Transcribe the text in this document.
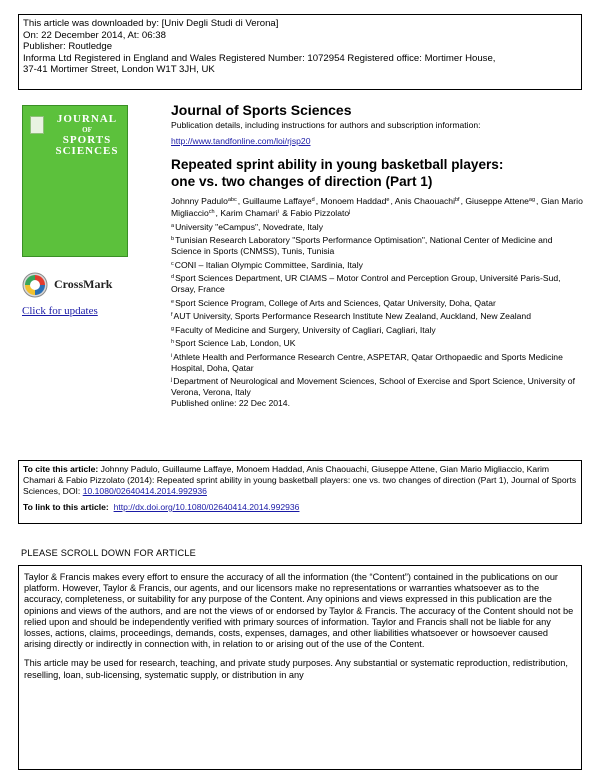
This article was downloaded by: [Univ Degli Studi di Verona]
On: 22 December 2014, At: 06:38
Publisher: Routledge
Informa Ltd Registered in England and Wales Registered Number: 1072954 Registered office: Mortimer House,
37-41 Mortimer Street, London W1T 3JH, UK
JOURNAL
OF
SPORTS
SCIENCES
CrossMark
Click for updates
Journal of Sports Sciences
Publication details, including instructions for authors and subscription information:
http://www.tandfonline.com/loi/rjsp20
Repeated sprint ability in young basketball players:
one vs. two changes of direction (Part 1)
Johnny Padulo$^{abc}$, Guillaume Laffaye$^d$, Monoem Haddad$^e$, Anis Chaouachi$^{bf}$, Giuseppe Attene$^{ag}$, Gian Mario Migliaccio$^{ch}$, Karim Chamari$^i$ & Fabio Pizzolato$^j$
$^a$University "eCampus", Novedrate, Italy
$^b$Tunisian Research Laboratory "Sports Performance Optimisation", National Center of Medicine and Science in Sports (CNMSS), Tunis, Tunisia
$^c$CONI – Italian Olympic Committee, Sardinia, Italy
$^d$Sport Sciences Department, UR CIAMS – Motor Control and Perception Group, Université Paris-Sud, Orsay, France
$^e$Sport Science Program, College of Arts and Sciences, Qatar University, Doha, Qatar
$^f$AUT University, Sports Performance Research Institute New Zealand, Auckland, New Zealand
$^g$Faculty of Medicine and Surgery, University of Cagliari, Cagliari, Italy
$^h$Sport Science Lab, London, UK
$^i$Athlete Health and Performance Research Centre, ASPETAR, Qatar Orthopaedic and Sports Medicine Hospital, Doha, Qatar
$^j$Department of Neurological and Movement Sciences, School of Exercise and Sport Science, University of Verona, Verona, Italy
Published online: 22 Dec 2014.
To cite this article: Johnny Padulo, Guillaume Laffaye, Monoem Haddad, Anis Chaouachi, Giuseppe Attene, Gian Mario Migliaccio, Karim Chamari & Fabio Pizzolato (2014): Repeated sprint ability in young basketball players: one vs. two changes of direction (Part 1), Journal of Sports Sciences, DOI: 10.1080/02640414.2014.992936
To link to this article: http://dx.doi.org/10.1080/02640414.2014.992936
PLEASE SCROLL DOWN FOR ARTICLE

Taylor & Francis makes every effort to ensure the accuracy of all the information (the “Content”) contained in the publications on our platform. However, Taylor & Francis, our agents, and our licensors make no representations or warranties whatsoever as to the accuracy, completeness, or suitability for any purpose of the Content. Any opinions and views expressed in this publication are the opinions and views of the authors, and are not the views of or endorsed by Taylor & Francis. The accuracy of the Content should not be relied upon and should be independently verified with primary sources of information. Taylor and Francis shall not be liable for any losses, actions, claims, proceedings, demands, costs, expenses, damages, and other liabilities whatsoever or howsoever caused arising directly or indirectly in connection with, in relation to or arising out of the use of the Content.

This article may be used for research, teaching, and private study purposes. Any substantial or systematic reproduction, redistribution, reselling, loan, sub-licensing, systematic supply, or distribution in any
